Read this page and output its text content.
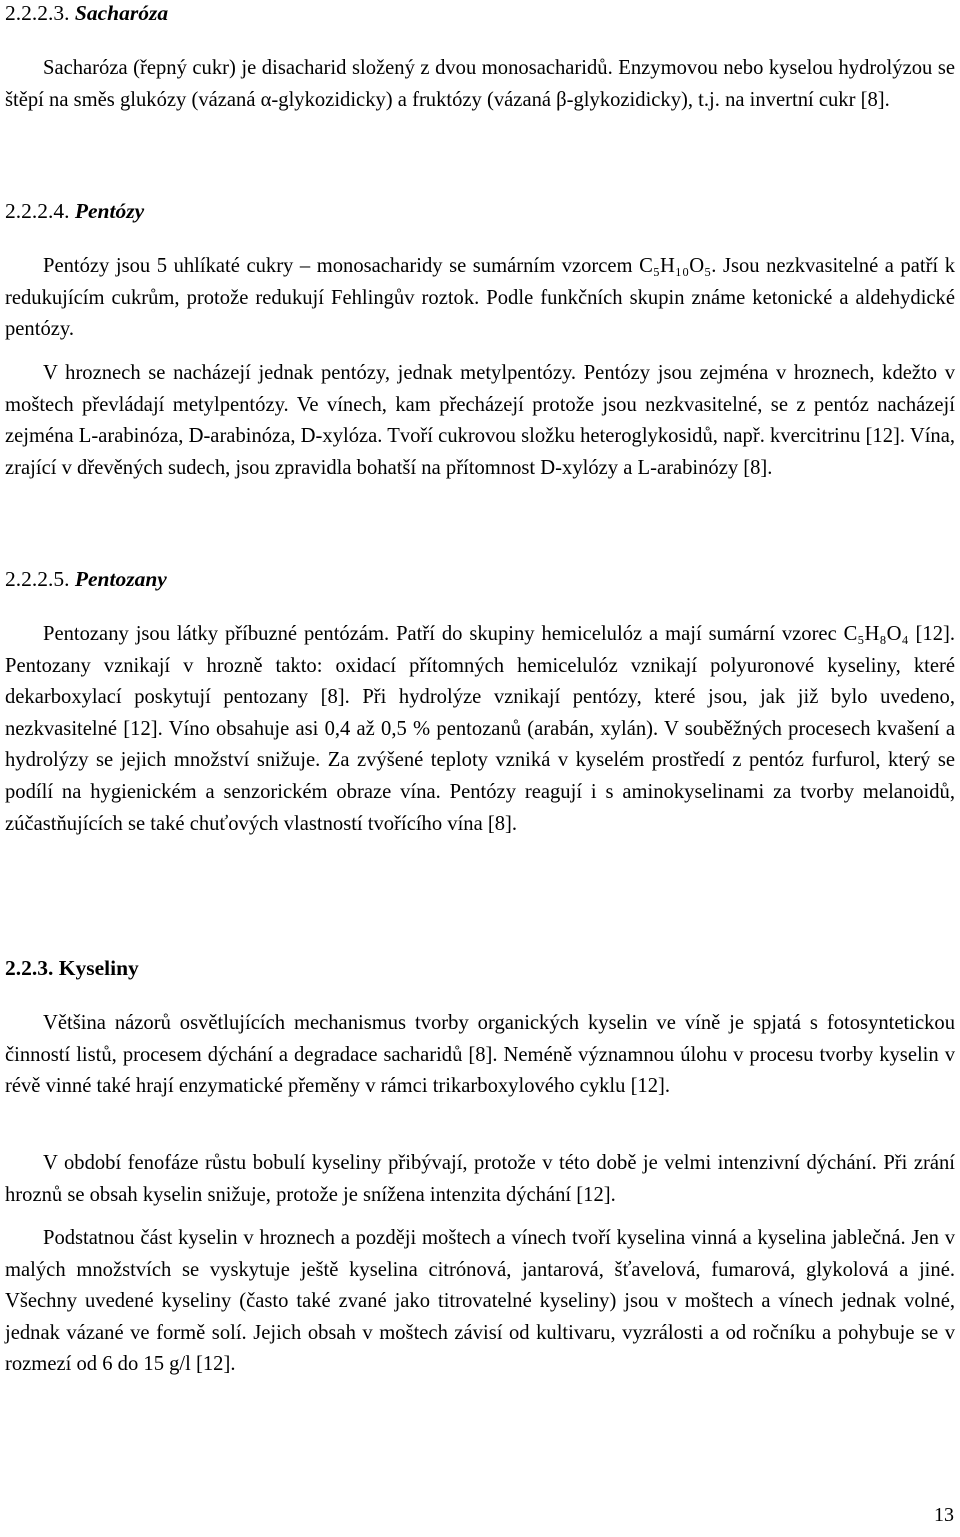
2.2.2.3. Sacharóza

Sacharóza (řepný cukr) je disacharid složený z dvou monosacharidů. Enzymovou nebo kyselou hydrolýzou se štěpí na směs glukózy (vázaná α-glykozidicky) a fruktózy (vázaná β-glykozidicky), t.j. na invertní cukr [8].

2.2.2.4. Pentózy

Pentózy jsou 5 uhlíkaté cukry – monosacharidy se sumárním vzorcem C₅H₁₀O₅. Jsou nezkvasitelné a patří k redukujícím cukrům, protože redukují Fehlingův roztok. Podle funkčních skupin známe ketonické a aldehydické pentózy.

V hroznech se nacházejí jednak pentózy, jednak metylpentózy. Pentózy jsou zejména v hroznech, kdežto v moštech převládají metylpentózy. Ve vínech, kam přecházejí protože jsou nezkvasitelné, se z pentóz nacházejí zejména L-arabinóza, D-arabinóza, D-xylóza. Tvoří cukrovou složku heteroglykosidů, např. kvercitrinu [12]. Vína, zrající v dřevěných sudech, jsou zpravidla bohatší na přítomnost D-xylózy a L-arabinózy [8].

2.2.2.5. Pentozany

Pentozany jsou látky příbuzné pentózám. Patří do skupiny hemicelulóz a mají sumární vzorec C₅H₈O₄ [12]. Pentozany vznikají v hrozně takto: oxidací přítomných hemicelulóz vznikají polyuronové kyseliny, které dekarboxylací poskytují pentozany [8]. Při hydrolýze vznikají pentózy, které jsou, jak již bylo uvedeno, nezkvasitelné [12]. Víno obsahuje asi 0,4 až 0,5 % pentozanů (arabán, xylán). V souběžných procesech kvašení a hydrolýzy se jejich množství snižuje. Za zvýšené teploty vzniká v kyselém prostředí z pentóz furfurol, který se podílí na hygienickém a senzorickém obraze vína. Pentózy reagují i s aminokyselinami za tvorby melanoidů, zúčastňujících se také chuťových vlastností tvořícího vína [8].

2.2.3. Kyseliny

Většina názorů osvětlujících mechanismus tvorby organických kyselin ve víně je spjatá s fotosyntetickou činností listů, procesem dýchání a degradace sacharidů [8]. Neméně významnou úlohu v procesu tvorby kyselin v révě vinné také hrají enzymatické přeměny v rámci trikarboxylového cyklu [12].

V období fenofáze růstu bobulí kyseliny přibývají, protože v této době je velmi intenzivní dýchání. Při zrání hroznů se obsah kyselin snižuje, protože je snížena intenzita dýchání [12].

Podstatnou část kyselin v hroznech a později moštech a vínech tvoří kyselina vinná a kyselina jablečná. Jen v malých množstvích se vyskytuje ještě kyselina citrónová, jantarová, šťavelová, fumarová, glykolová a jiné. Všechny uvedené kyseliny (často také zvané jako titrovatelné kyseliny) jsou v moštech a vínech jednak volné, jednak vázané ve formě solí. Jejich obsah v moštech závisí od kultivaru, vyzrálosti a od ročníku a pohybuje se v rozmezí od 6 do 15 g/l [12].

13
